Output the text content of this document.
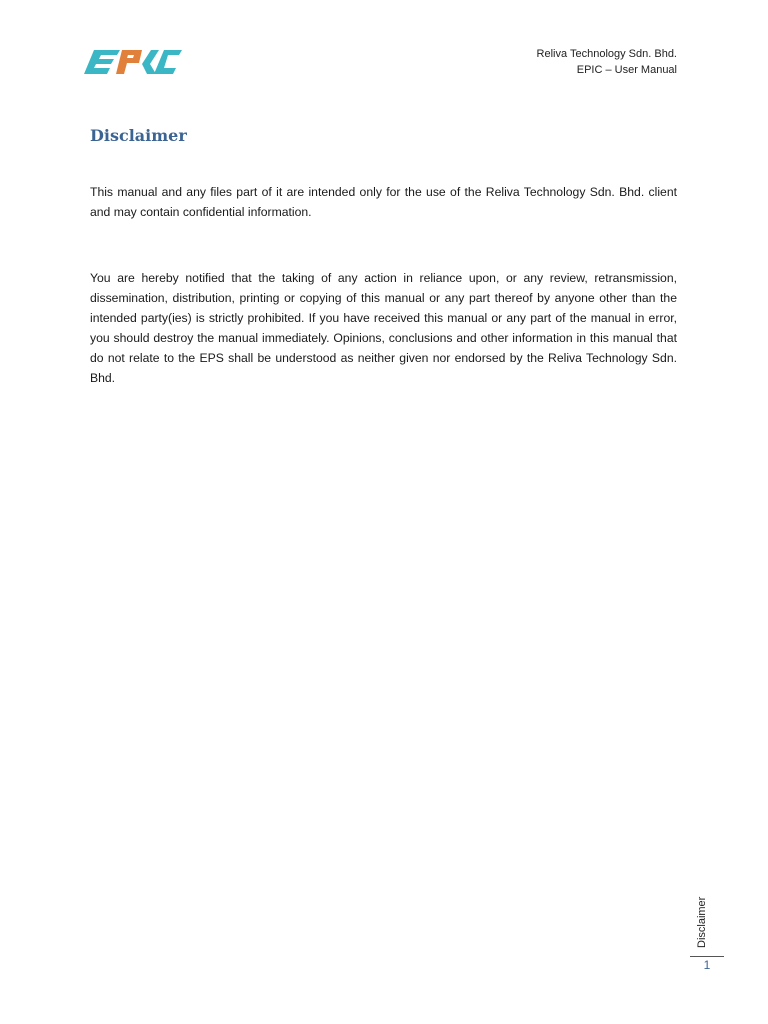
Reliva Technology Sdn. Bhd.
EPIC – User Manual
Disclaimer

This manual and any files part of it are intended only for the use of the Reliva Technology Sdn. Bhd. client and may contain confidential information.

You are hereby notified that the taking of any action in reliance upon, or any review, retransmission, dissemination, distribution, printing or copying of this manual or any part thereof by anyone other than the intended party(ies) is strictly prohibited. If you have received this manual or any part of the manual in error, you should destroy the manual immediately. Opinions, conclusions and other information in this manual that do not relate to the EPS shall be understood as neither given nor endorsed by the Reliva Technology Sdn. Bhd.

Disclaimer
1
